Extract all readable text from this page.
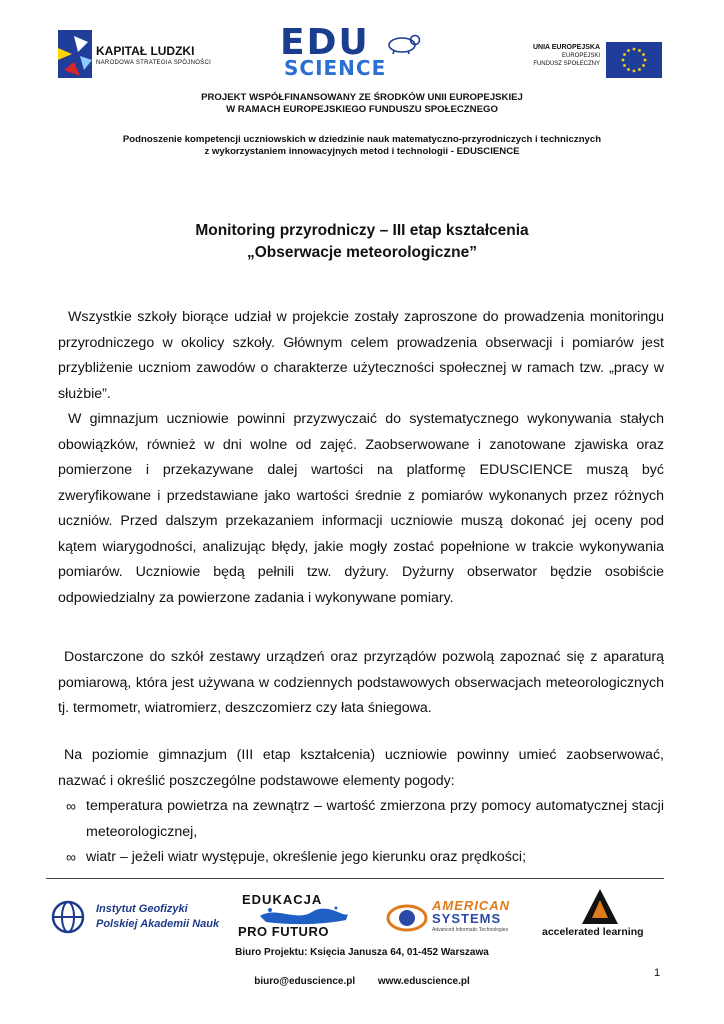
KAPITAŁ LUDZKI
NARODOWA STRATEGIA SPÓJNOŚCI EDU
SCIENCE
UNIA EUROPEJSKA
EUROPEJSKI
FUNDUSZ SPOŁECZNY
PROJEKT WSPÓŁFINANSOWANY ZE ŚRODKÓW UNII EUROPEJSKIEJ
W RAMACH EUROPEJSKIEGO FUNDUSZU SPOŁECZNEGO
Podnoszenie kompetencji uczniowskich w dziedzinie nauk matematyczno-przyrodniczych i technicznych
z wykorzystaniem innowacyjnych metod i technologii - EDUSCIENCE
Monitoring przyrodniczy – III etap kształcenia
„Obserwacje meteorologiczne”

Wszystkie szkoły biorące udział w projekcie zostały zaproszone do prowadzenia monitoringu przyrodniczego w okolicy szkoły. Głównym celem prowadzenia obserwacji i pomiarów jest przybliżenie uczniom zawodów o charakterze użyteczności społecznej w ramach tzw. „pracy w służbie”.

W gimnazjum uczniowie powinni przyzwyczaić do systematycznego wykonywania stałych obowiązków, również w dni wolne od zajęć. Zaobserwowane i zanotowane zjawiska oraz pomierzone i przekazywane dalej wartości na platformę EDUSCIENCE muszą być zweryfikowane i przedstawiane jako wartości średnie z pomiarów wykonanych przez różnych uczniów. Przed dalszym przekazaniem informacji uczniowie muszą dokonać jej oceny pod kątem wiarygodności, analizując błędy, jakie mogły zostać popełnione w trakcie wykonywania pomiarów. Uczniowie będą pełnili tzw. dyżury. Dyżurny obserwator będzie osobiście odpowiedzialny za powierzone zadania i wykonywane pomiary.

Dostarczone do szkół zestawy urządzeń oraz przyrządów pozwolą zapoznać się z aparaturą pomiarową, która jest używana w codziennych podstawowych obserwacjach meteorologicznych tj. termometr, wiatromierz, deszczomierz czy łata śniegowa.

Na poziomie gimnazjum (III etap kształcenia) uczniowie powinny umieć zaobserwować, nazwać i określić poszczególne podstawowe elementy pogody:

∞ temperatura powietrza na zewnątrz – wartość zmierzona przy pomocy automatycznej stacji meteorologicznej,
∞ wiatr – jeżeli wiatr występuje, określenie jego kierunku oraz prędkości;
Instytut Geofizyki
Polskiej Akademii Nauk
EDUKACJA
PRO FUTURO
AMERICAN
SYSTEMS
Advanced Informatic Technologies	accelerated learning
Biuro Projektu: Księcia Janusza 64, 01-452 Warszawa
1
biuro@eduscience.pl www.eduscience.pl
